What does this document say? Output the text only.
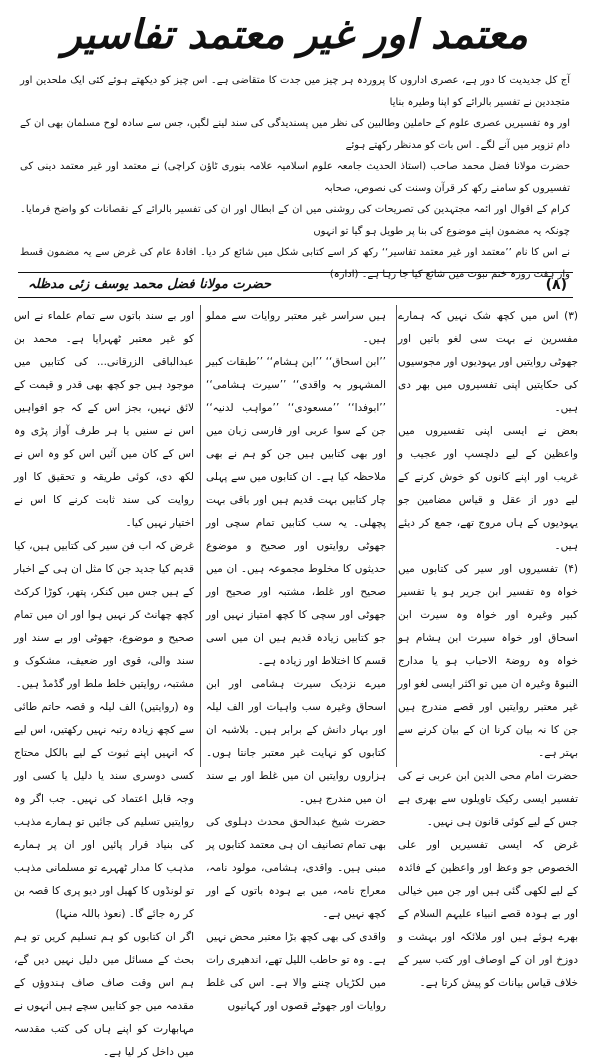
معتمد اور غیر معتمد تفاسیر

آج کل جدیدیت کا دور ہے، عصری اداروں کا پروردہ ہر چیز میں جدت کا متقاضی ہے۔ اس چیز کو دیکھتے ہوئے کئی ایک ملحدین اور متجددین نے تفسیر بالرائے کو اپنا وطیرہ بنایا

اور وہ تفسیریں عصری علوم کے حاملین وطالبین کی نظر میں پسندیدگی کی سند لینے لگیں، جس سے سادہ لوح مسلمان بھی ان کے دام تزویر میں آنے لگے۔ اس بات کو مدنظر رکھتے ہوئے

حضرت مولانا فضل محمد صاحب (استاذ الحدیث جامعہ علوم اسلامیہ علامہ بنوری ٹاؤن کراچی) نے معتمد اور غیر معتمد دینی کی تفسیروں کو سامنے رکھ کر قرآن وسنت کی نصوص، صحابہ

کرام کے اقوال اور ائمہ مجتہدین کی تصریحات کی روشنی میں ان کے ابطال اور ان کی تفسیر بالرائے کے نقصانات کو واضح فرمایا۔ چونکہ یہ مضمون اپنے موضوع کی بنا پر طویل ہو گیا تو انہوں

نے اس کا نام ’’معتمد اور غیر معتمد تفاسیر‘‘ رکھ کر اسے کتابی شکل میں شائع کر دیا۔ افادۂ عام کی غرض سے یہ مضمون قسط وار ہفت روزہ ختم نبوت میں شائع کیا جا رہا ہے۔ (ادارہ)

(۸)
حضرت مولانا فضل محمد یوسف زئی مدظلہ

(۳) اس میں کچھ شک نہیں کہ ہمارے مفسرین نے بہت سی لغو باتیں اور جھوٹی روایتیں اور یہودیوں اور مجوسیوں کی حکایتیں اپنی تفسیروں میں بھر دی ہیں۔

بعض نے ایسی اپنی تفسیروں میں واعظین کے لیے دلچسپ اور عجیب و غریب اور اپنے کانوں کو خوش کرنے کے لیے دور از عقل و قیاس مضامین جو یہودیوں کے ہاں مروج تھے، جمع کر دیئے ہیں۔

(۴) تفسیروں اور سیر کی کتابوں میں خواہ وہ تفسیر ابن جریر ہو یا تفسیر کبیر وغیرہ اور خواہ وہ سیرت ابن اسحاق اور خواہ سیرت ابن ہشام ہو خواہ وہ روضۃ الاحباب ہو یا مدارج النبوۃ وغیرہ ان میں تو اکثر ایسی لغو اور غیر معتبر روایتیں اور قصے مندرج ہیں جن کا نہ بیان کرنا ان کے بیان کرنے سے بہتر ہے۔

حضرت امام محی الدین ابن عربی نے کی تفسیر ایسی رکیک تاویلوں سے بھری ہے جس کے لیے کوئی قانون ہی نہیں۔

غرض کہ ایسی تفسیریں اور علی الخصوص جو وعظ اور واعظین کے فائدہ کے لیے لکھی گئی ہیں اور جن میں خیالی اور بے ہودہ قصے انبیاء علیہم السلام کے بھرے ہوئے ہیں اور ملائکہ اور بہشت و دوزخ اور ان کے اوصاف اور کتب سیر کے خلاف قیاس بیانات کو پیش کرتا ہے۔

ہیں سراسر غیر معتبر روایات سے مملو ہیں۔

’’ابن اسحاق‘‘ ’’ابن ہشام‘‘ ’’طبقات کبیر المشہور بہ واقدی‘‘ ’’سیرت ہشامی‘‘ ’’ابوفدا‘‘ ’’مسعودی‘‘ ’’مواہب لدنیہ‘‘ جن کے سوا عربی اور فارسی زبان میں اور بھی کتابیں ہیں جن کو ہم نے بھی ملاحظہ کیا ہے۔ ان کتابوں میں سے پہلی چار کتابیں بہت قدیم ہیں اور باقی بہت پچھلی۔ یہ سب کتابیں تمام سچی اور جھوٹی روایتوں اور صحیح و موضوع حدیثوں کا مخلوط مجموعہ ہیں۔ ان میں صحیح اور غلط، مشتبہ اور صحیح اور جھوٹی اور سچی کا کچھ امتیاز نہیں اور جو کتابیں زیادہ قدیم ہیں ان میں اسی قسم کا اختلاط اور زیادہ ہے۔

میرے نزدیک سیرت ہشامی اور ابن اسحاق وغیرہ سب واہیات اور الف لیلہ اور بہار دانش کے برابر ہیں۔ بلاشبہ ان کتابوں کو نہایت غیر معتبر جانتا ہوں۔ ہزاروں روایتیں ان میں غلط اور بے سند ان میں مندرج ہیں۔

حضرت شیخ عبدالحق محدث دہلوی کی بھی تمام تصانیف ان ہی معتمد کتابوں پر مبنی ہیں۔ واقدی، ہشامی، مولود نامہ، معراج نامہ، میں بے ہودہ باتوں کے اور کچھ نہیں ہے۔

واقدی کی بھی کچھ بڑا معتبر محض نہیں ہے۔ وہ تو حاطب اللیل تھے، اندھیری رات میں لکڑیاں چننے والا ہے۔ اس کی غلط روایات اور جھوٹے قصوں اور کہانیوں

اور بے سند باتوں سے تمام علماء نے اس کو غیر معتبر ٹھہرایا ہے۔ محمد بن عبدالباقی الزرقانی... کی کتابیں میں موجود ہیں جو کچھ بھی قدر و قیمت کے لائق نہیں، بجز اس کے کہ جو افواہیں اس نے سنیں یا ہر طرف آواز پڑی وہ اس کے کان میں آئیں اس کو وہ اس نے لکھ دی، کوئی طریقہ و تحقیق کا اور روایت کی سند ثابت کرنے کا اس نے اختیار نہیں کیا۔

غرض کہ اب فن سیر کی کتابیں ہیں، کیا قدیم کیا جدید جن کا مثل ان ہی کے اخبار کے ہیں جس میں کنکر، پتھر، کوڑا کرکٹ کچھ چھانٹ کر نہیں ہوا اور ان میں تمام صحیح و موضوع، جھوٹی اور بے سند اور سند والی، قوی اور ضعیف، مشکوک و مشتبہ، روایتیں خلط ملط اور گڈمڈ ہیں۔

وہ (روایتیں) الف لیلہ و قصہ حاتم طائی سے کچھ زیادہ رتبہ نہیں رکھتیں، اس لیے کہ انہیں اپنے ثبوت کے لیے بالکل محتاج کسی دوسری سند یا دلیل یا کسی اور وجہ قابل اعتماد کی نہیں۔ جب اگر وہ روایتیں تسلیم کی جائیں تو ہمارے مذہب کی بنیاد قرار پائیں اور ان پر ہمارے مذہب کا مدار ٹھہرے تو مسلمانی مذہب تو لونڈوں کا کھیل اور دیو پری کا قصہ بن کر رہ جائے گا۔ (نعوذ باللہ منہا)

اگر ان کتابوں کو ہم تسلیم کریں تو ہم بحث کے مسائل میں دلیل نہیں دیں گے، ہم اس وقت صاف صاف ہندوؤں کے مقدمہ میں جو کتابیں سچے ہیں انہوں نے مہابھارت کو اپنے ہاں کی کتب مقدسہ میں داخل کر لیا ہے۔
